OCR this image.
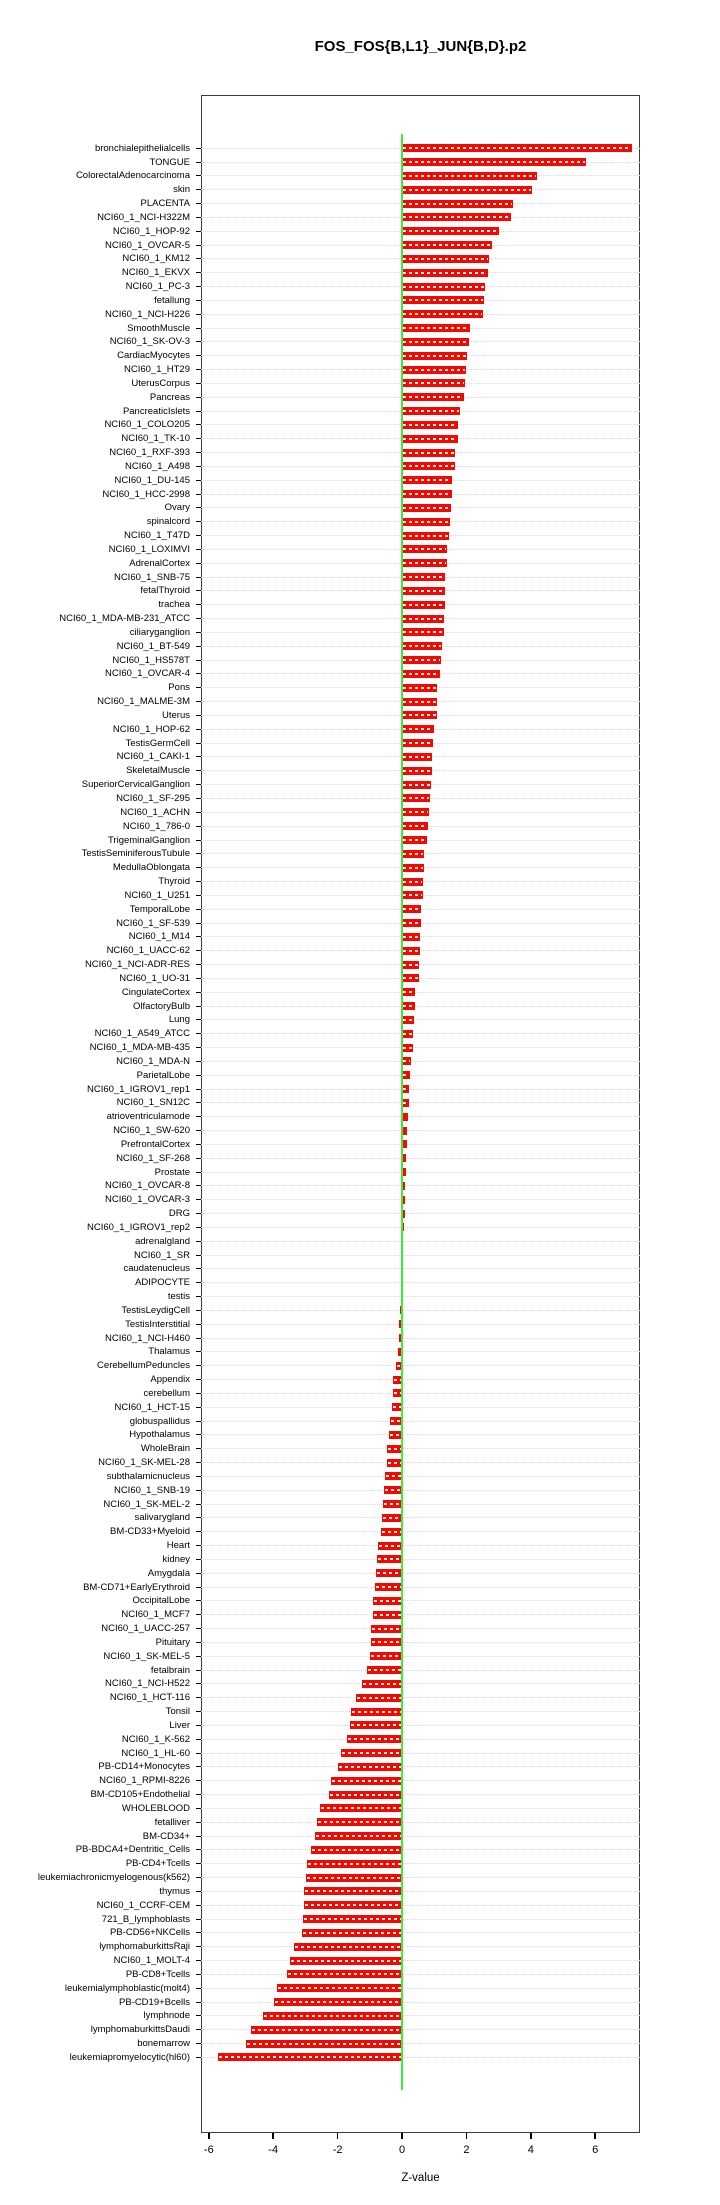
FOS_FOS{B,L1}_JUN{B,D}.p2
bronchialepithelialcells
TONGUE
ColorectalAdenocarcinoma
skin
PLACENTA
NCI60_1_NCI-H322M
NCI60_1_HOP-92
NCI60_1_OVCAR-5
NCI60_1_KM12
NCI60_1_EKVX
NCI60_1_PC-3
fetallung
NCI60_1_NCI-H226
SmoothMuscle
NCI60_1_SK-OV-3
CardiacMyocytes
NCI60_1_HT29
UterusCorpus
Pancreas
PancreaticIslets
NCI60_1_COLO205
NCI60_1_TK-10
NCI60_1_RXF-393
NCI60_1_A498
NCI60_1_DU-145
NCI60_1_HCC-2998
Ovary
spinalcord
NCI60_1_T47D
NCI60_1_LOXIMVI
AdrenalCortex
NCI60_1_SNB-75
fetalThyroid
trachea
NCI60_1_MDA-MB-231_ATCC
ciliaryganglion
NCI60_1_BT-549
NCI60_1_HS578T
NCI60_1_OVCAR-4
Pons
NCI60_1_MALME-3M
Uterus
NCI60_1_HOP-62
TestisGermCell
NCI60_1_CAKI-1
SkeletalMuscle
SuperiorCervicalGanglion
NCI60_1_SF-295
NCI60_1_ACHN
NCI60_1_786-0
TrigeminalGanglion
TestisSeminiferousTubule
MedullaOblongata
Thyroid
NCI60_1_U251
TemporalLobe
NCI60_1_SF-539
NCI60_1_M14
NCI60_1_UACC-62
NCI60_1_NCI-ADR-RES
NCI60_1_UO-31
CingulateCortex
OlfactoryBulb
Lung
NCI60_1_A549_ATCC
NCI60_1_MDA-MB-435
NCI60_1_MDA-N
ParietalLobe
NCI60_1_IGROV1_rep1
NCI60_1_SN12C
atrioventricularnode
NCI60_1_SW-620
PrefrontalCortex
NCI60_1_SF-268
Prostate
NCI60_1_OVCAR-8
NCI60_1_OVCAR-3
DRG
NCI60_1_IGROV1_rep2
adrenalgland
NCI60_1_SR
caudatenucleus
ADIPOCYTE
testis
TestisLeydigCell
TestisInterstitial
NCI60_1_NCI-H460
Thalamus
CerebellumPeduncles
Appendix
cerebellum
NCI60_1_HCT-15
globuspallidus
Hypothalamus
WholeBrain
NCI60_1_SK-MEL-28
subthalamicnucleus
NCI60_1_SNB-19
NCI60_1_SK-MEL-2
salivarygland
BM-CD33+Myeloid
Heart
kidney
Amygdala
BM-CD71+EarlyErythroid
OccipitalLobe
NCI60_1_MCF7
NCI60_1_UACC-257
Pituitary
NCI60_1_SK-MEL-5
fetalbrain
NCI60_1_NCI-H522
NCI60_1_HCT-116
Tonsil
Liver
NCI60_1_K-562
NCI60_1_HL-60
PB-CD14+Monocytes
NCI60_1_RPMI-8226
BM-CD105+Endothelial
WHOLEBLOOD
fetalliver
BM-CD34+
PB-BDCA4+Dentritic_Cells
PB-CD4+Tcells
leukemiachronicmyelogenous(k562)
thymus
NCI60_1_CCRF-CEM
721_B_lymphoblasts
PB-CD56+NKCells
lymphomaburkittsRaji
NCI60_1_MOLT-4
PB-CD8+Tcells
leukemialymphoblastic(molt4)
PB-CD19+Bcells
lymphnode
lymphomaburkittsDaudi
bonemarrow
leukemiapromyelocytic(hl60)
-6	-4	-2	0	2	4	6
Z-value
